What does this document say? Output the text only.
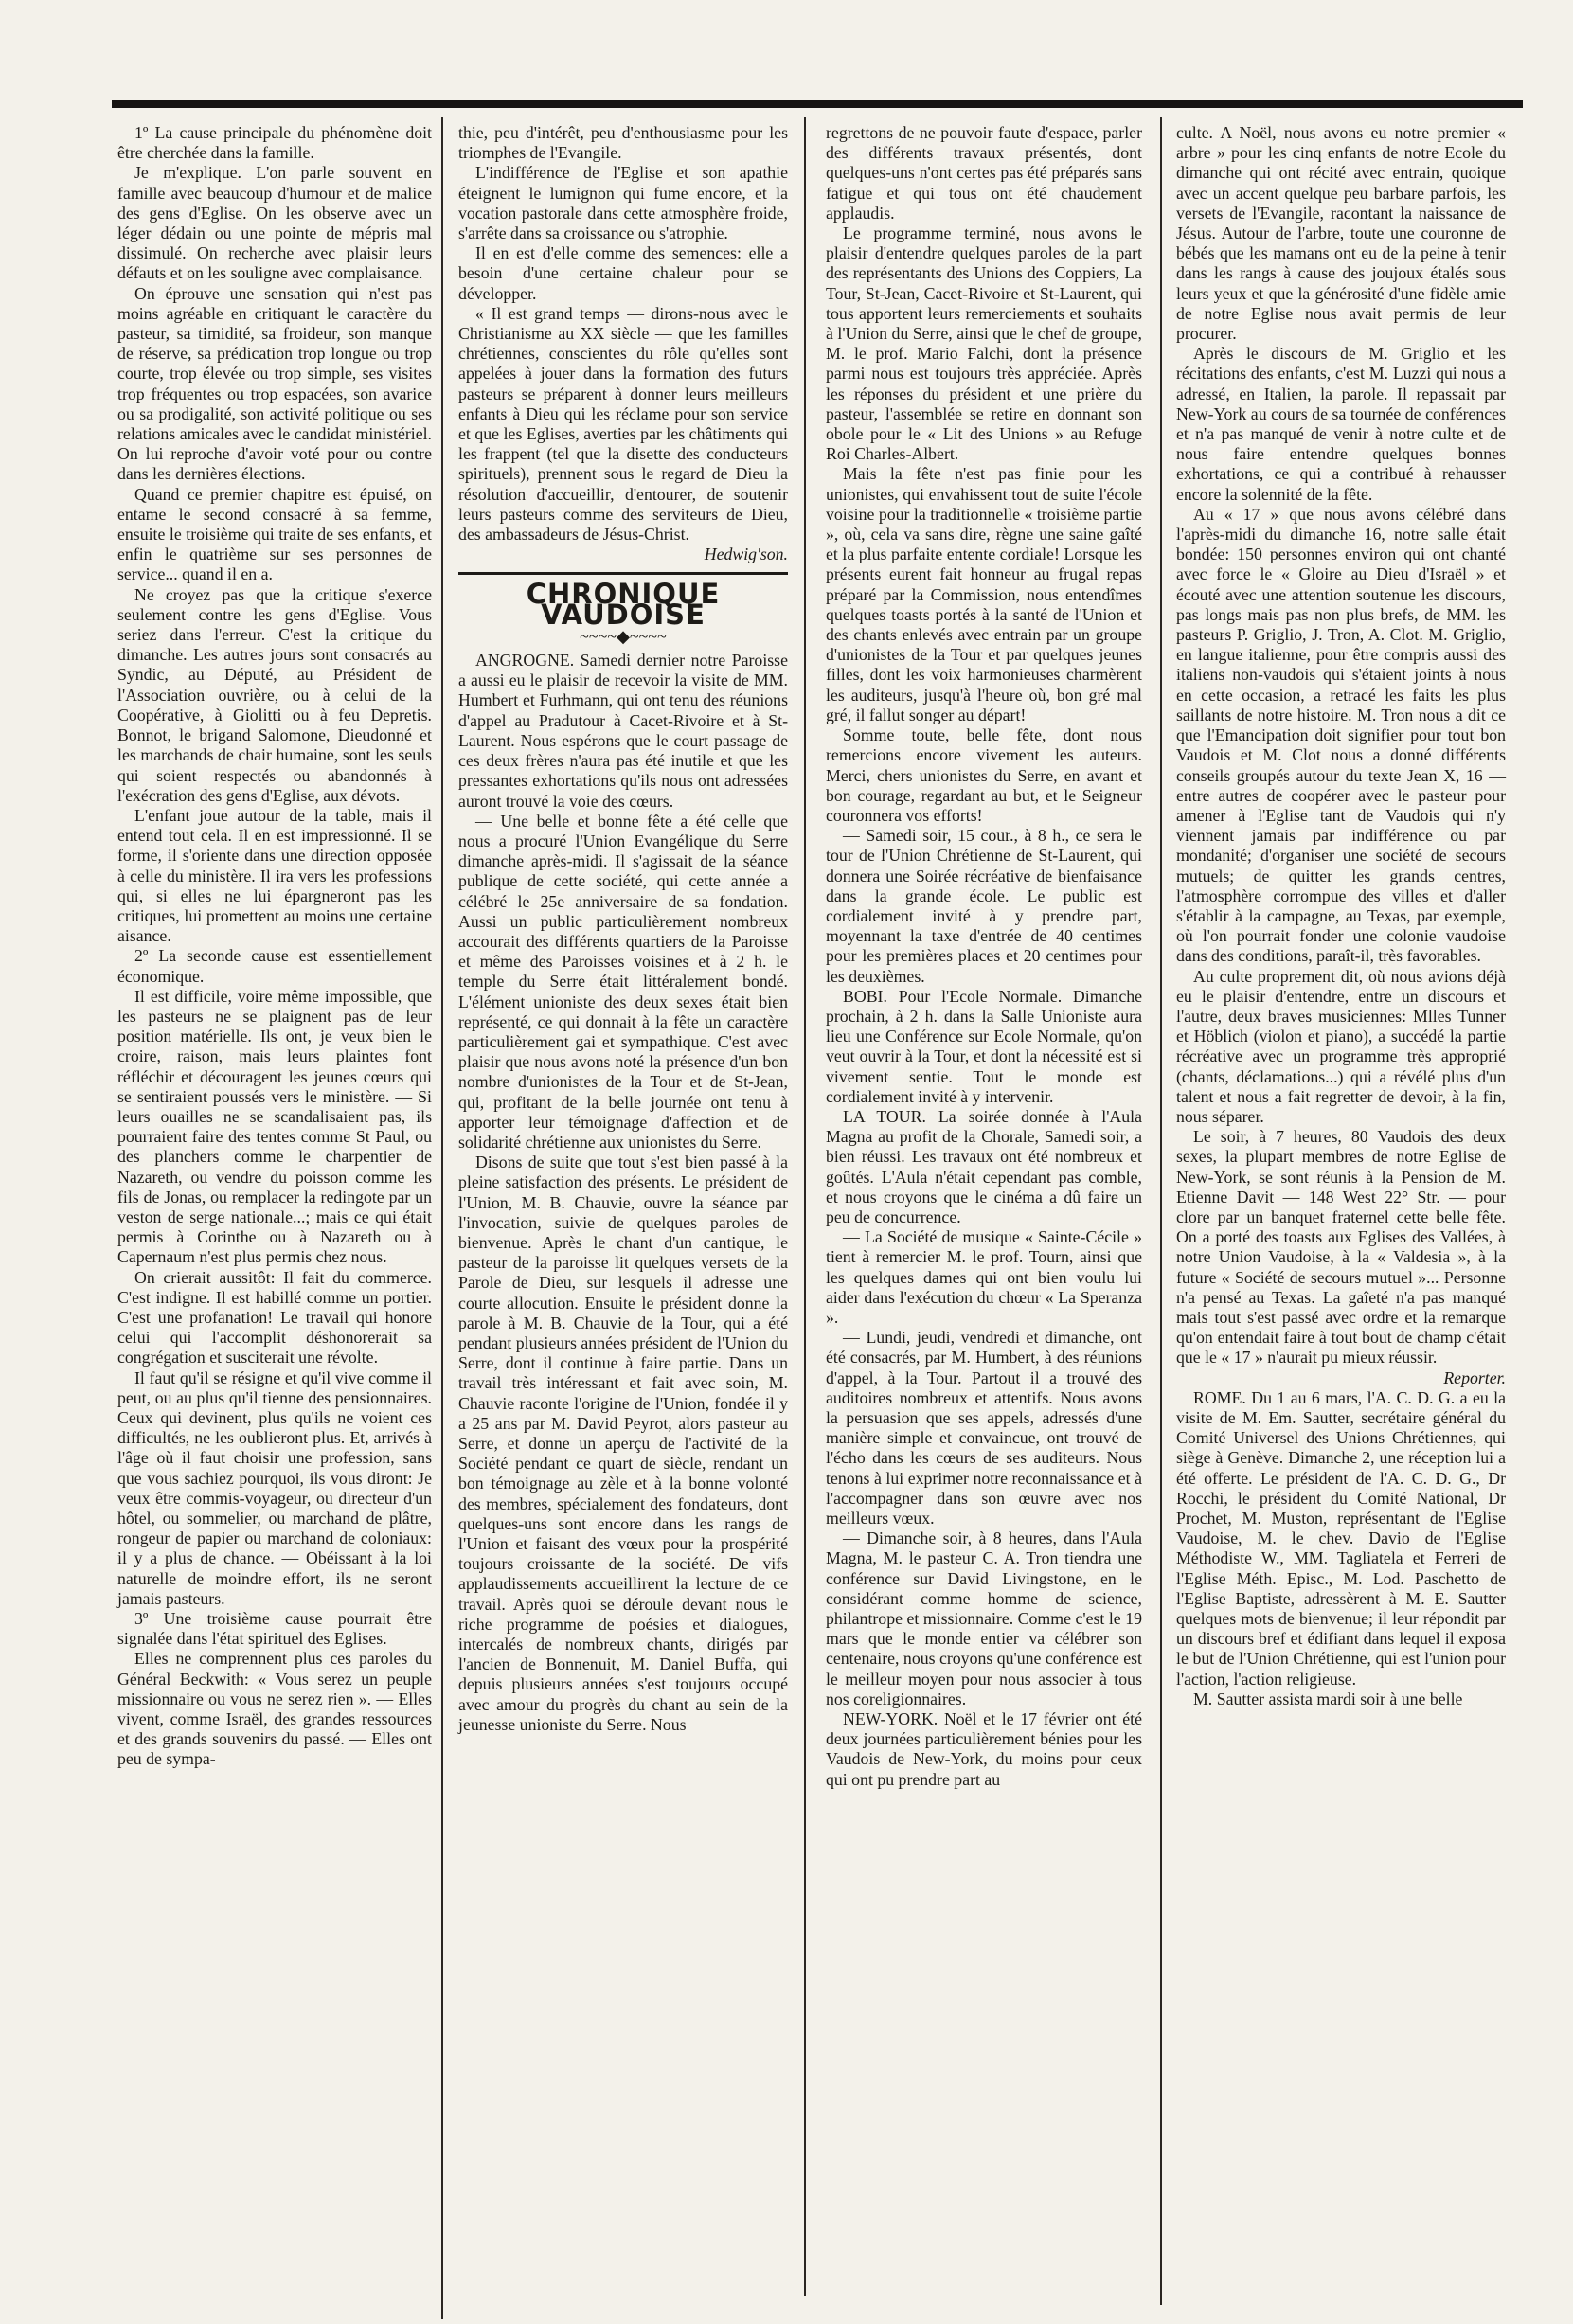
1º La cause principale du phénomène doit être cherchée dans la famille.

Je m'explique. L'on parle souvent en famille avec beaucoup d'humour et de malice des gens d'Eglise. On les observe avec un léger dédain ou une pointe de mépris mal dissimulé. On recherche avec plaisir leurs défauts et on les souligne avec complaisance.

On éprouve une sensation qui n'est pas moins agréable en critiquant le caractère du pasteur, sa timidité, sa froideur, son manque de réserve, sa prédication trop longue ou trop courte, trop élevée ou trop simple, ses visites trop fréquentes ou trop espacées, son avarice ou sa prodigalité, son activité politique ou ses relations amicales avec le candidat ministériel. On lui reproche d'avoir voté pour ou contre dans les dernières élections.

Quand ce premier chapitre est épuisé, on entame le second consacré à sa femme, ensuite le troisième qui traite de ses enfants, et enfin le quatrième sur ses personnes de service... quand il en a.

Ne croyez pas que la critique s'exerce seulement contre les gens d'Eglise. Vous seriez dans l'erreur. C'est la critique du dimanche. Les autres jours sont consacrés au Syndic, au Député, au Président de l'Association ouvrière, ou à celui de la Coopérative, à Giolitti ou à feu Depretis. Bonnot, le brigand Salomone, Dieudonné et les marchands de chair humaine, sont les seuls qui soient respectés ou abandonnés à l'exécration des gens d'Eglise, aux dévots.

L'enfant joue autour de la table, mais il entend tout cela. Il en est impressionné. Il se forme, il s'oriente dans une direction opposée à celle du ministère. Il ira vers les professions qui, si elles ne lui épargneront pas les critiques, lui promettent au moins une certaine aisance.

2º La seconde cause est essentiellement économique.

Il est difficile, voire même impossible, que les pasteurs ne se plaignent pas de leur position matérielle. Ils ont, je veux bien le croire, raison, mais leurs plaintes font réfléchir et découragent les jeunes cœurs qui se sentiraient poussés vers le ministère. — Si leurs ouailles ne se scandalisaient pas, ils pourraient faire des tentes comme St Paul, ou des planchers comme le charpentier de Nazareth, ou vendre du poisson comme les fils de Jonas, ou remplacer la redingote par un veston de serge nationale...; mais ce qui était permis à Corinthe ou à Nazareth ou à Capernaum n'est plus permis chez nous.

On crierait aussitôt: Il fait du commerce. C'est indigne. Il est habillé comme un portier. C'est une profanation! Le travail qui honore celui qui l'accomplit déshonorerait sa congrégation et susciterait une révolte.

Il faut qu'il se résigne et qu'il vive comme il peut, ou au plus qu'il tienne des pensionnaires. Ceux qui devinent, plus qu'ils ne voient ces difficultés, ne les oublieront plus. Et, arrivés à l'âge où il faut choisir une profession, sans que vous sachiez pourquoi, ils vous diront: Je veux être commis-voyageur, ou directeur d'un hôtel, ou sommelier, ou marchand de plâtre, rongeur de papier ou marchand de coloniaux: il y a plus de chance. — Obéissant à la loi naturelle de moindre effort, ils ne seront jamais pasteurs.

3º Une troisième cause pourrait être signalée dans l'état spirituel des Eglises.

Elles ne comprennent plus ces paroles du Général Beckwith: « Vous serez un peuple missionnaire ou vous ne serez rien ». — Elles vivent, comme Israël, des grandes ressources et des grands souvenirs du passé. — Elles ont peu de sympa-

thie, peu d'intérêt, peu d'enthousiasme pour les triomphes de l'Evangile.

L'indifférence de l'Eglise et son apathie éteignent le lumignon qui fume encore, et la vocation pastorale dans cette atmosphère froide, s'arrête dans sa croissance ou s'atrophie.

Il en est d'elle comme des semences: elle a besoin d'une certaine chaleur pour se développer.

« Il est grand temps — dirons-nous avec le Christianisme au XX siècle — que les familles chrétiennes, conscientes du rôle qu'elles sont appelées à jouer dans la formation des futurs pasteurs se préparent à donner leurs meilleurs enfants à Dieu qui les réclame pour son service et que les Eglises, averties par les châtiments qui les frappent (tel que la disette des conducteurs spirituels), prennent sous le regard de Dieu la résolution d'accueillir, d'entourer, de soutenir leurs pasteurs comme des serviteurs de Dieu, des ambassadeurs de Jésus-Christ.

Hedwig'son.

CHRONIQUE VAUDOISE
~~~~◆~~~~

ANGROGNE. Samedi dernier notre Paroisse a aussi eu le plaisir de recevoir la visite de MM. Humbert et Furhmann, qui ont tenu des réunions d'appel au Pradutour à Cacet-Rivoire et à St-Laurent. Nous espérons que le court passage de ces deux frères n'aura pas été inutile et que les pressantes exhortations qu'ils nous ont adressées auront trouvé la voie des cœurs.

— Une belle et bonne fête a été celle que nous a procuré l'Union Evangélique du Serre dimanche après-midi. Il s'agissait de la séance publique de cette société, qui cette année a célébré le 25e anniversaire de sa fondation. Aussi un public particulièrement nombreux accourait des différents quartiers de la Paroisse et même des Paroisses voisines et à 2 h. le temple du Serre était littéralement bondé. L'élément unioniste des deux sexes était bien représenté, ce qui donnait à la fête un caractère particulièrement gai et sympathique. C'est avec plaisir que nous avons noté la présence d'un bon nombre d'unionistes de la Tour et de St-Jean, qui, profitant de la belle journée ont tenu à apporter leur témoignage d'affection et de solidarité chrétienne aux unionistes du Serre.

Disons de suite que tout s'est bien passé à la pleine satisfaction des présents. Le président de l'Union, M. B. Chauvie, ouvre la séance par l'invocation, suivie de quelques paroles de bienvenue. Après le chant d'un cantique, le pasteur de la paroisse lit quelques versets de la Parole de Dieu, sur lesquels il adresse une courte allocution. Ensuite le président donne la parole à M. B. Chauvie de la Tour, qui a été pendant plusieurs années président de l'Union du Serre, dont il continue à faire partie. Dans un travail très intéressant et fait avec soin, M. Chauvie raconte l'origine de l'Union, fondée il y a 25 ans par M. David Peyrot, alors pasteur au Serre, et donne un aperçu de l'activité de la Société pendant ce quart de siècle, rendant un bon témoignage au zèle et à la bonne volonté des membres, spécialement des fondateurs, dont quelques-uns sont encore dans les rangs de l'Union et faisant des vœux pour la prospérité toujours croissante de la société. De vifs applaudissements accueillirent la lecture de ce travail. Après quoi se déroule devant nous le riche programme de poésies et dialogues, intercalés de nombreux chants, dirigés par l'ancien de Bonnenuit, M. Daniel Buffa, qui depuis plusieurs années s'est toujours occupé avec amour du progrès du chant au sein de la jeunesse unioniste du Serre. Nous

regrettons de ne pouvoir faute d'espace, parler des différents travaux présentés, dont quelques-uns n'ont certes pas été préparés sans fatigue et qui tous ont été chaudement applaudis.

Le programme terminé, nous avons le plaisir d'entendre quelques paroles de la part des représentants des Unions des Coppiers, La Tour, St-Jean, Cacet-Rivoire et St-Laurent, qui tous apportent leurs remerciements et souhaits à l'Union du Serre, ainsi que le chef de groupe, M. le prof. Mario Falchi, dont la présence parmi nous est toujours très appréciée. Après les réponses du président et une prière du pasteur, l'assemblée se retire en donnant son obole pour le « Lit des Unions » au Refuge Roi Charles-Albert.

Mais la fête n'est pas finie pour les unionistes, qui envahissent tout de suite l'école voisine pour la traditionnelle « troisième partie », où, cela va sans dire, règne une saine gaîté et la plus parfaite entente cordiale! Lorsque les présents eurent fait honneur au frugal repas préparé par la Commission, nous entendîmes quelques toasts portés à la santé de l'Union et des chants enlevés avec entrain par un groupe d'unionistes de la Tour et par quelques jeunes filles, dont les voix harmonieuses charmèrent les auditeurs, jusqu'à l'heure où, bon gré mal gré, il fallut songer au départ!

Somme toute, belle fête, dont nous remercions encore vivement les auteurs. Merci, chers unionistes du Serre, en avant et bon courage, regardant au but, et le Seigneur couronnera vos efforts!

— Samedi soir, 15 cour., à 8 h., ce sera le tour de l'Union Chrétienne de St-Laurent, qui donnera une Soirée récréative de bienfaisance dans la grande école. Le public est cordialement invité à y prendre part, moyennant la taxe d'entrée de 40 centimes pour les premières places et 20 centimes pour les deuxièmes.

BOBI. Pour l'Ecole Normale. Dimanche prochain, à 2 h. dans la Salle Unioniste aura lieu une Conférence sur Ecole Normale, qu'on veut ouvrir à la Tour, et dont la nécessité est si vivement sentie. Tout le monde est cordialement invité à y intervenir.

LA TOUR. La soirée donnée à l'Aula Magna au profit de la Chorale, Samedi soir, a bien réussi. Les travaux ont été nombreux et goûtés. L'Aula n'était cependant pas comble, et nous croyons que le cinéma a dû faire un peu de concurrence.

— La Société de musique « Sainte-Cécile » tient à remercier M. le prof. Tourn, ainsi que les quelques dames qui ont bien voulu lui aider dans l'exécution du chœur « La Speranza ».

— Lundi, jeudi, vendredi et dimanche, ont été consacrés, par M. Humbert, à des réunions d'appel, à la Tour. Partout il a trouvé des auditoires nombreux et attentifs. Nous avons la persuasion que ses appels, adressés d'une manière simple et convaincue, ont trouvé de l'écho dans les cœurs de ses auditeurs. Nous tenons à lui exprimer notre reconnaissance et à l'accompagner dans son œuvre avec nos meilleurs vœux.

— Dimanche soir, à 8 heures, dans l'Aula Magna, M. le pasteur C. A. Tron tiendra une conférence sur David Livingstone, en le considérant comme homme de science, philantrope et missionnaire. Comme c'est le 19 mars que le monde entier va célébrer son centenaire, nous croyons qu'une conférence est le meilleur moyen pour nous associer à tous nos coreligionnaires.

NEW-YORK. Noël et le 17 février ont été deux journées particulièrement bénies pour les Vaudois de New-York, du moins pour ceux qui ont pu prendre part au

culte. A Noël, nous avons eu notre premier « arbre » pour les cinq enfants de notre Ecole du dimanche qui ont récité avec entrain, quoique avec un accent quelque peu barbare parfois, les versets de l'Evangile, racontant la naissance de Jésus. Autour de l'arbre, toute une couronne de bébés que les mamans ont eu de la peine à tenir dans les rangs à cause des joujoux étalés sous leurs yeux et que la générosité d'une fidèle amie de notre Eglise nous avait permis de leur procurer.

Après le discours de M. Griglio et les récitations des enfants, c'est M. Luzzi qui nous a adressé, en Italien, la parole. Il repassait par New-York au cours de sa tournée de conférences et n'a pas manqué de venir à notre culte et de nous faire entendre quelques bonnes exhortations, ce qui a contribué à rehausser encore la solennité de la fête.

Au « 17 » que nous avons célébré dans l'après-midi du dimanche 16, notre salle était bondée: 150 personnes environ qui ont chanté avec force le « Gloire au Dieu d'Israël » et écouté avec une attention soutenue les discours, pas longs mais pas non plus brefs, de MM. les pasteurs P. Griglio, J. Tron, A. Clot. M. Griglio, en langue italienne, pour être compris aussi des italiens non-vaudois qui s'étaient joints à nous en cette occasion, a retracé les faits les plus saillants de notre histoire. M. Tron nous a dit ce que l'Emancipation doit signifier pour tout bon Vaudois et M. Clot nous a donné différents conseils groupés autour du texte Jean X, 16 — entre autres de coopérer avec le pasteur pour amener à l'Eglise tant de Vaudois qui n'y viennent jamais par indifférence ou par mondanité; d'organiser une société de secours mutuels; de quitter les grands centres, l'atmosphère corrompue des villes et d'aller s'établir à la campagne, au Texas, par exemple, où l'on pourrait fonder une colonie vaudoise dans des conditions, paraît-il, très favorables.

Au culte proprement dit, où nous avions déjà eu le plaisir d'entendre, entre un discours et l'autre, deux braves musiciennes: Mlles Tunner et Höblich (violon et piano), a succédé la partie récréative avec un programme très approprié (chants, déclamations...) qui a révélé plus d'un talent et nous a fait regretter de devoir, à la fin, nous séparer.

Le soir, à 7 heures, 80 Vaudois des deux sexes, la plupart membres de notre Eglise de New-York, se sont réunis à la Pension de M. Etienne Davit — 148 West 22° Str. — pour clore par un banquet fraternel cette belle fête. On a porté des toasts aux Eglises des Vallées, à notre Union Vaudoise, à la « Valdesia », à la future « Société de secours mutuel »... Personne n'a pensé au Texas. La gaîeté n'a pas manqué mais tout s'est passé avec ordre et la remarque qu'on entendait faire à tout bout de champ c'était que le « 17 » n'aurait pu mieux réussir.

Reporter.

ROME. Du 1 au 6 mars, l'A. C. D. G. a eu la visite de M. Em. Sautter, secrétaire général du Comité Universel des Unions Chrétiennes, qui siège à Genève. Dimanche 2, une réception lui a été offerte. Le président de l'A. C. D. G., Dr Rocchi, le président du Comité National, Dr Prochet, M. Muston, représentant de l'Eglise Vaudoise, M. le chev. Davio de l'Eglise Méthodiste W., MM. Tagliatela et Ferreri de l'Eglise Méth. Episc., M. Lod. Paschetto de l'Eglise Baptiste, adressèrent à M. E. Sautter quelques mots de bienvenue; il leur répondit par un discours bref et édifiant dans lequel il exposa le but de l'Union Chrétienne, qui est l'union pour l'action, l'action religieuse.

M. Sautter assista mardi soir à une belle
